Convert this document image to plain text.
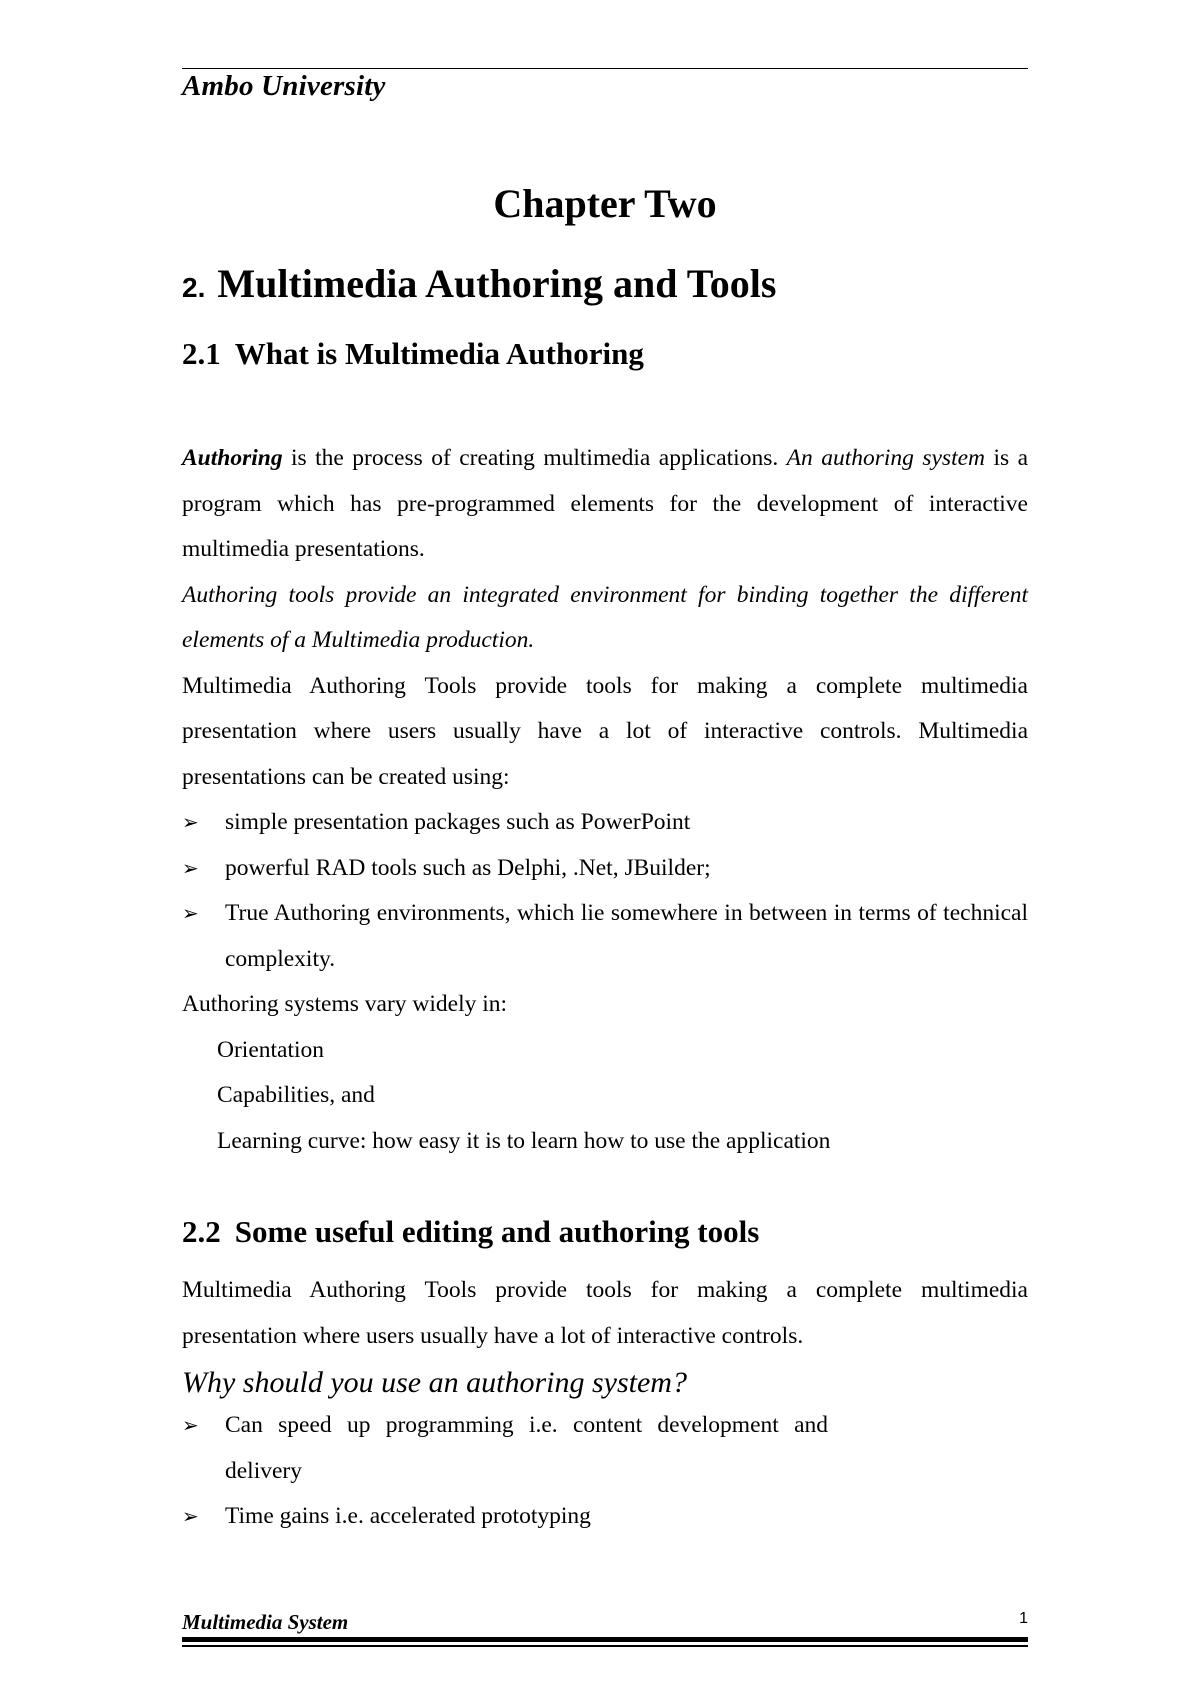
Ambo University
Chapter Two
2. Multimedia Authoring and Tools
2.1 What is Multimedia Authoring

Authoring is the process of creating multimedia applications. An authoring system is a program which has pre-programmed elements for the development of interactive multimedia presentations.

Authoring tools provide an integrated environment for binding together the different elements of a Multimedia production.

Multimedia Authoring Tools provide tools for making a complete multimedia presentation where users usually have a lot of interactive controls. Multimedia presentations can be created using:

➢ simple presentation packages such as PowerPoint
➢ powerful RAD tools such as Delphi, .Net, JBuilder;
➢ True Authoring environments, which lie somewhere in between in terms of technical complexity.

Authoring systems vary widely in:

Orientation
Capabilities, and
Learning curve: how easy it is to learn how to use the application
2.2 Some useful editing and authoring tools

Multimedia Authoring Tools provide tools for making a complete multimedia presentation where users usually have a lot of interactive controls.

Why should you use an authoring system?
➢ Can speed up programming i.e. content development and delivery
➢ Time gains i.e. accelerated prototyping
Multimedia System	1
